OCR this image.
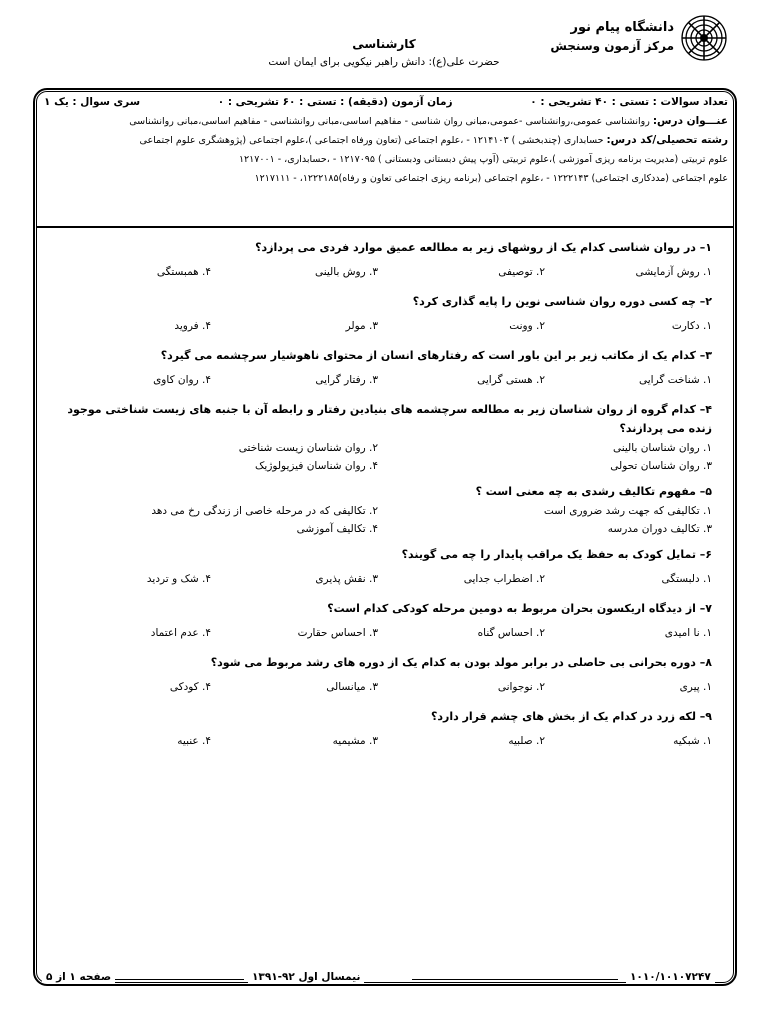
دانشگاه پیام نور
مرکز آزمون وسنجش
کارشناسی
حضرت علی(ع): دانش راهبر نیکویی برای ایمان است
تعداد سوالات : تستی : ۴۰ تشریحی : ۰
زمان آزمون (دقیقه) : تستی : ۶۰ تشریحی : ۰
سری سوال : یک ۱
عنـــوان درس: روانشناسی عمومی،روانشناسی -عمومی،مبانی روان شناسی - مفاهیم اساسی،مبانی روانشناسی - مفاهیم اساسی،مبانی روانشناسی
رشته تحصیلی/کد درس: حسابداری (چندبخشی ) ۱۲۱۴۱۰۳ - ،علوم اجتماعی (تعاون ورفاه اجتماعی )،علوم اجتماعی (پژوهشگری علوم اجتماعی
علوم تربیتی (مدیریت برنامه ریزی آموزشی )،علوم تربیتی (آوپ پیش دبستانی ودبستانی ) ۱۲۱۷۰۹۵ - ،حسابداری، - ۱۲۱۷۰۰۱
علوم اجتماعی (مددکاری اجتماعی) ۱۲۲۲۱۴۳ - ،علوم اجتماعی (برنامه ریزی اجتماعی تعاون و رفاه)۱۲۲۲۱۸۵، - ۱۲۱۷۱۱۱
۱– در روان شناسی کدام یک از روشهای زیر به مطالعه عمیق موارد فردی می پردازد؟
۱. روش آزمایشی
۲. توصیفی
۳. روش بالینی
۴. همبستگی
۲– چه کسی دوره روان شناسی نوین را پایه گذاری کرد؟
۱. دکارت
۲. وونت
۳. مولر
۴. فروید
۳– کدام یک از مکاتب زیر بر این باور است که رفتارهای انسان از محتوای ناهوشیار سرچشمه می گیرد؟
۱. شناخت گرایی
۲. هستی گرایی
۳. رفتار گرایی
۴. روان کاوی
۴– کدام گروه از روان شناسان زیر به مطالعه سرچشمه های بنیادین رفتار و رابطه آن با جنبه های زیست شناختی موجود زنده می پردازند؟
۱. روان شناسان بالینی
۲. روان شناسان زیست شناختی
۳. روان شناسان تحولی
۴. روان شناسان فیزیولوژیک
۵– مفهوم تکالیف رشدی به چه معنی است ؟
۱. تکالیفی که جهت رشد ضروری است
۲. تکالیفی که در مرحله خاصی از زندگی رخ می دهد
۳. تکالیف دوران مدرسه
۴. تکالیف آموزشی
۶– تمایل کودک به حفظ یک مراقب پایدار را چه می گویند؟
۱. دلبستگی
۲. اضطراب جدایی
۳. نقش پذیری
۴. شک و تردید
۷– از دیدگاه اریکسون بحران مربوط به دومین مرحله کودکی کدام است؟
۱. نا امیدی
۲. احساس گناه
۳. احساس حقارت
۴. عدم اعتماد
۸– دوره بحرانی بی حاصلی در برابر مولد بودن به کدام یک از دوره های رشد مربوط می شود؟
۱. پیری
۲. نوجوانی
۳. میانسالی
۴. کودکی
۹– لکه زرد در کدام یک از بخش های چشم قرار دارد؟
۱. شبکیه
۲. صلبیه
۳. مشیمیه
۴. عنبیه
صفحه ۱ از ۵	نیمسال اول ۹۲-۱۳۹۱	۱۰۱۰/۱۰۱۰۷۲۴۷
